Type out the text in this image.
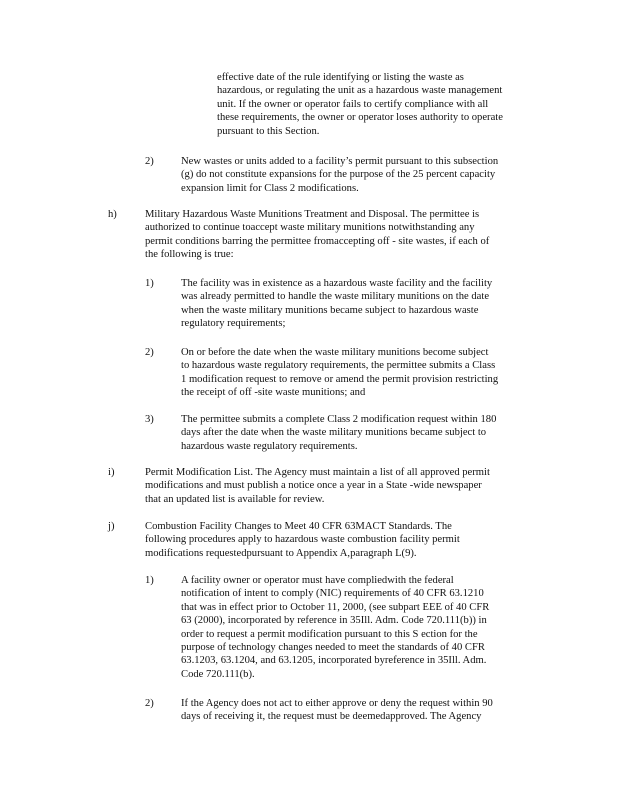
effective date of the rule identifying or listing the waste as
hazardous, or regulating the unit as a hazardous waste management
unit. If the owner or operator fails to certify compliance with all
these requirements, the owner or operator loses authority to operate
pursuant to this Section.
2)	New wastes or units added to a facility’s permit pursuant to this subsection
(g) do not constitute expansions for the purpose of the 25 percent capacity
expansion limit for Class 2 modifications.
h)	Military Hazardous Waste Munitions Treatment and Disposal. The permittee is
authorized to continue toaccept waste military munitions notwithstanding any
permit conditions barring the permittee fromaccepting off - site wastes, if each of
the following is true:
1)	The facility was in existence as a hazardous waste facility and the facility
was already permitted to handle the waste military munitions on the date
when the waste military munitions became subject to hazardous waste
regulatory requirements;
2)	On or before the date when the waste military munitions become subject
to hazardous waste regulatory requirements, the permittee submits a Class
1 modification request to remove or amend the permit provision restricting
the receipt of off -site waste munitions; and
3)	The permittee submits a complete Class 2 modification request within 180
days after the date when the waste military munitions became subject to
hazardous waste regulatory requirements.
i)	Permit Modification List. The Agency must maintain a list of all approved permit
modifications and must publish a notice once a year in a State -wide newspaper
that an updated list is available for review.
j)	Combustion Facility Changes to Meet 40 CFR 63MACT Standards. The
following procedures apply to hazardous waste combustion facility permit
modifications requestedpursuant to Appendix A,paragraph L(9).
1)	A facility owner or operator must have compliedwith the federal
notification of intent to comply (NIC) requirements of 40 CFR 63.1210
that was in effect prior to October 11, 2000, (see subpart EEE of 40 CFR
63 (2000), incorporated by reference in 35Ill. Adm. Code 720.111(b)) in
order to request a permit modification pursuant to this S ection for the
purpose of technology changes needed to meet the standards of 40 CFR
63.1203, 63.1204, and 63.1205, incorporated byreference in 35Ill. Adm.
Code 720.111(b).
2)	If the Agency does not act to either approve or deny the request within 90
days of receiving it, the request must be deemedapproved. The Agency
